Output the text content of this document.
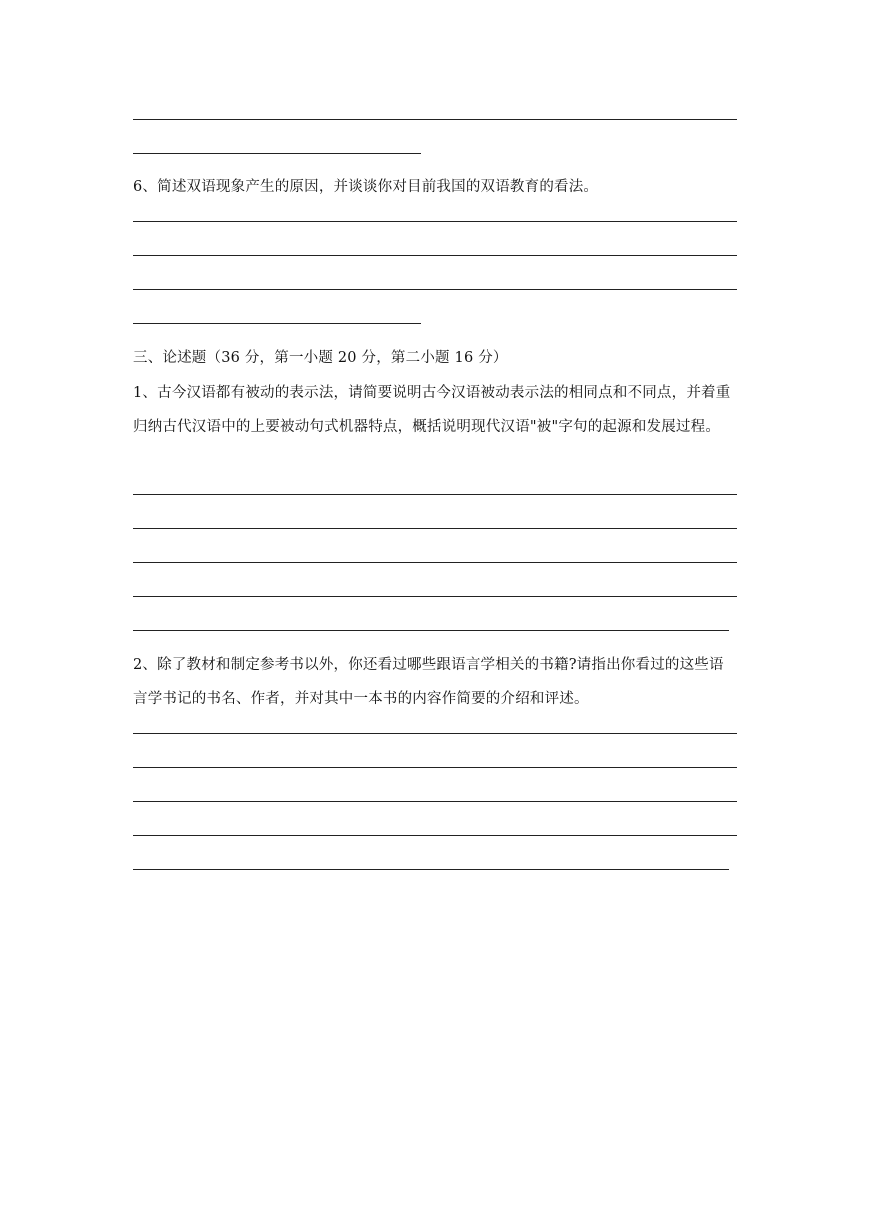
6、简述双语现象产生的原因，并谈谈你对目前我国的双语教育的看法。

三、论述题（36 分，第一小题 20 分，第二小题 16 分）

1、古今汉语都有被动的表示法，请简要说明古今汉语被动表示法的相同点和不同点，并着重归纳古代汉语中的上要被动句式机器特点，概括说明现代汉语"被"字句的起源和发展过程。

2、除了教材和制定参考书以外，你还看过哪些跟语言学相关的书籍?请指出你看过的这些语言学书记的书名、作者，并对其中一本书的内容作简要的介绍和评述。
